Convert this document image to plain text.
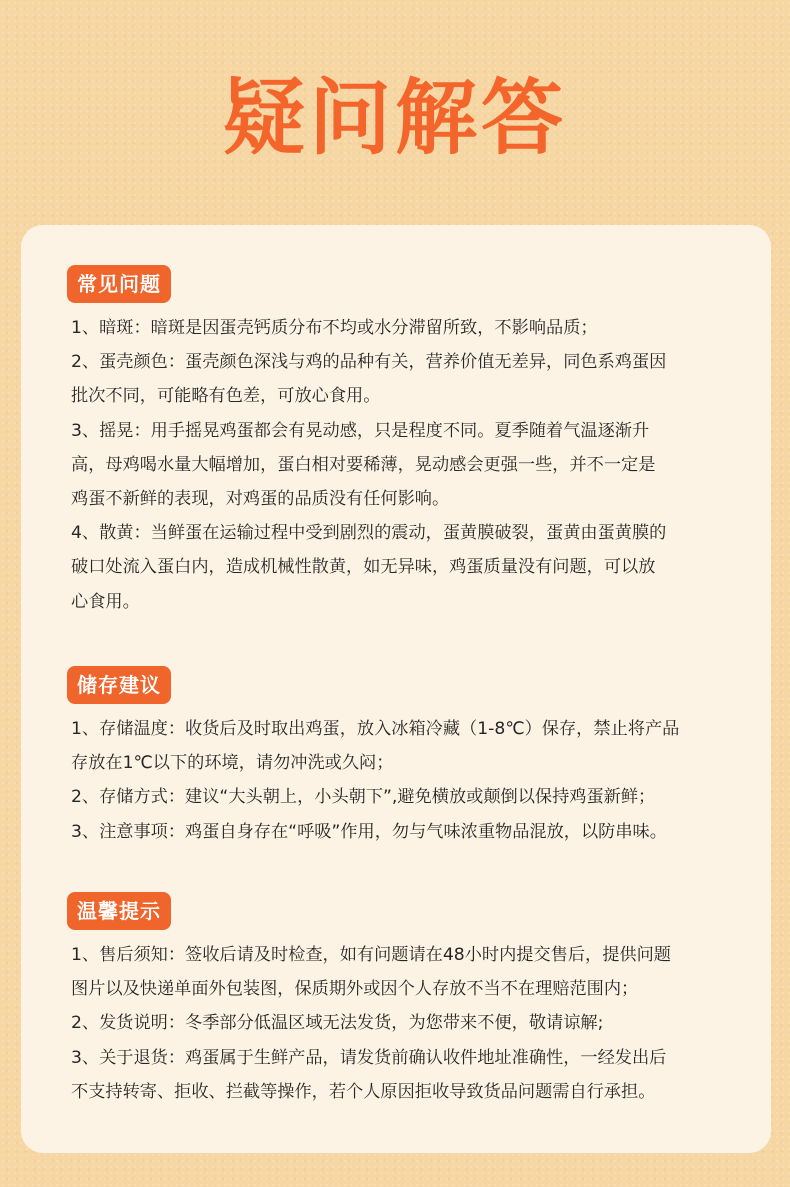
疑问解答
常见问题

1、暗斑：暗斑是因蛋壳钙质分布不均或水分滞留所致，不影响品质；

2、蛋壳颜色：蛋壳颜色深浅与鸡的品种有关，营养价值无差异，同色系鸡蛋因
批次不同，可能略有色差，可放心食用。

3、摇晃：用手摇晃鸡蛋都会有晃动感，只是程度不同。夏季随着气温逐渐升
高，母鸡喝水量大幅增加，蛋白相对要稀薄，晃动感会更强一些，并不一定是
鸡蛋不新鲜的表现，对鸡蛋的品质没有任何影响。

4、散黄：当鲜蛋在运输过程中受到剧烈的震动，蛋黄膜破裂，蛋黄由蛋黄膜的
破口处流入蛋白内，造成机械性散黄，如无异味，鸡蛋质量没有问题，可以放
心食用。

储存建议

1、存储温度：收货后及时取出鸡蛋，放入冰箱冷藏（1-8℃）保存，禁止将产品
存放在1℃以下的环境，请勿冲洗或久闷；

2、存储方式：建议“大头朝上，小头朝下”,避免横放或颠倒以保持鸡蛋新鲜；

3、注意事项：鸡蛋自身存在“呼吸”作用，勿与气味浓重物品混放，以防串味。

温馨提示

1、售后须知：签收后请及时检查，如有问题请在48小时内提交售后，提供问题
图片以及快递单面外包装图，保质期外或因个人存放不当不在理赔范围内；

2、发货说明：冬季部分低温区域无法发货，为您带来不便，敬请谅解;

3、关于退货：鸡蛋属于生鲜产品，请发货前确认收件地址准确性，一经发出后
不支持转寄、拒收、拦截等操作，若个人原因拒收导致货品问题需自行承担。
